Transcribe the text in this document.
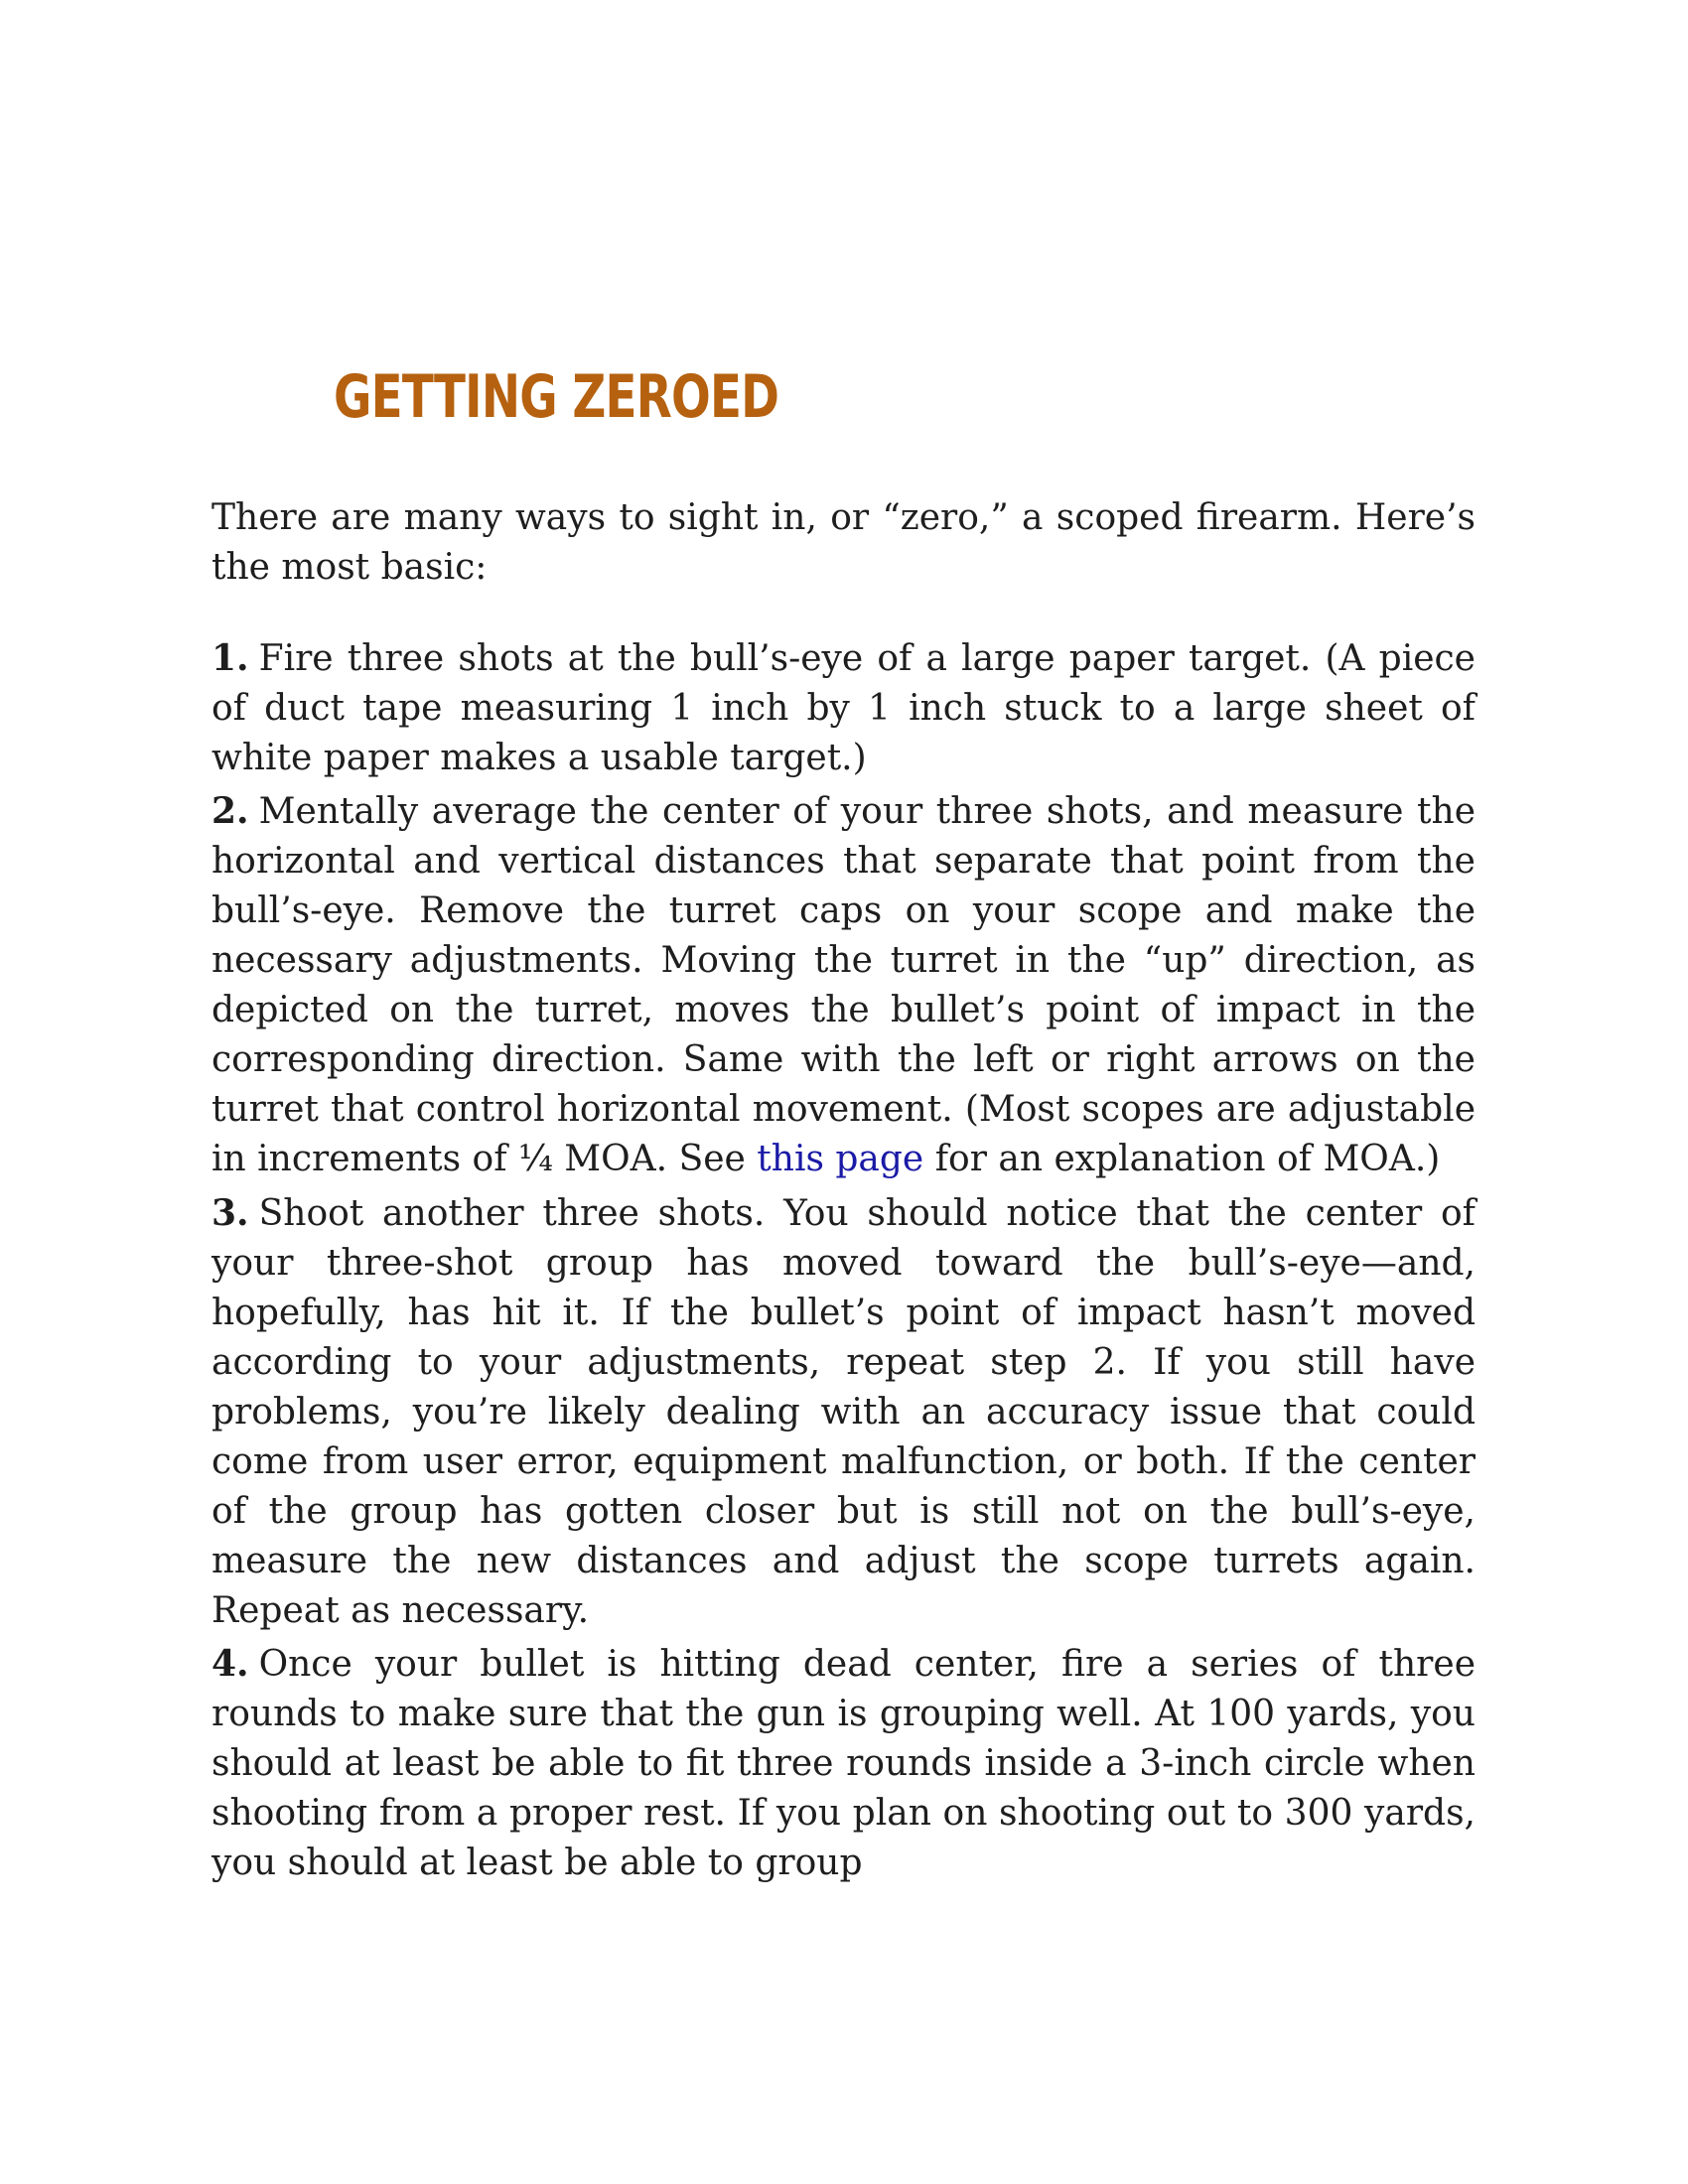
GETTING ZEROED

There are many ways to sight in, or “zero,” a scoped firearm. Here’s the most basic:

1. Fire three shots at the bull’s-eye of a large paper target. (A piece of duct tape measuring 1 inch by 1 inch stuck to a large sheet of white paper makes a usable target.)

2. Mentally average the center of your three shots, and measure the horizontal and vertical distances that separate that point from the bull’s-eye. Remove the turret caps on your scope and make the necessary adjustments. Moving the turret in the “up” direction, as depicted on the turret, moves the bullet’s point of impact in the corresponding direction. Same with the left or right arrows on the turret that control horizontal movement. (Most scopes are adjustable in increments of ¼ MOA. See this page for an explanation of MOA.)

3. Shoot another three shots. You should notice that the center of your three-shot group has moved toward the bull’s-eye—and, hopefully, has hit it. If the bullet’s point of impact hasn’t moved according to your adjustments, repeat step 2. If you still have problems, you’re likely dealing with an accuracy issue that could come from user error, equipment malfunction, or both. If the center of the group has gotten closer but is still not on the bull’s-eye, measure the new distances and adjust the scope turrets again. Repeat as necessary.

4. Once your bullet is hitting dead center, fire a series of three rounds to make sure that the gun is grouping well. At 100 yards, you should at least be able to fit three rounds inside a 3-inch circle when shooting from a proper rest. If you plan on shooting out to 300 yards, you should at least be able to group
